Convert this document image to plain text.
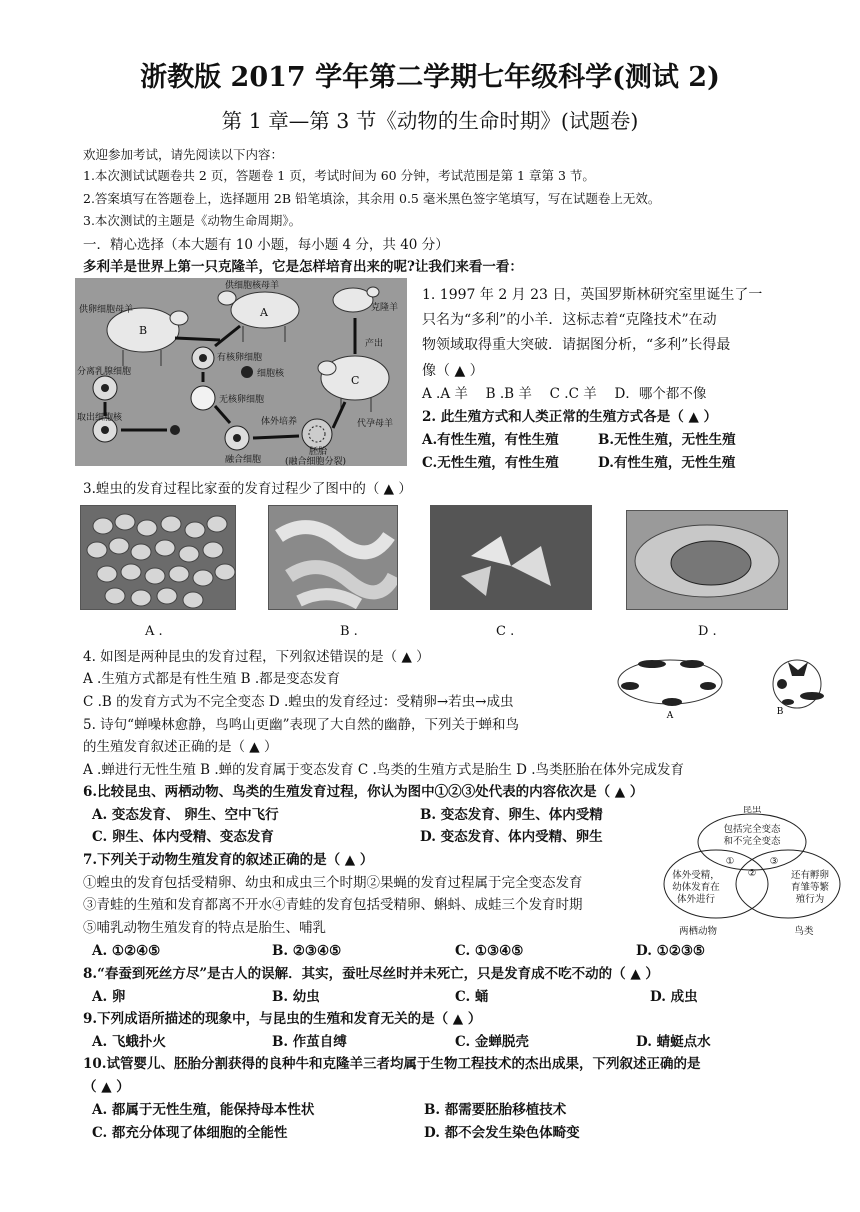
浙教版 2017 学年第二学期七年级科学(测试 2)
第 1 章—第 3 节《动物的生命时期》(试题卷)
欢迎参加考试，请先阅读以下内容：
1.本次测试试题卷共 2 页，答题卷 1 页，考试时间为 60 分钟，考试范围是第 1 章第 3 节。
2.答案填写在答题卷上，选择题用 2B 铅笔填涂，其余用 0.5 毫米黑色签字笔填写，写在试题卷上无效。
3.本次测试的主题是《动物生命周期》。
一．精心选择（本大题有 10 小题，每小题 4 分，共 40 分）
多利羊是世界上第一只克隆羊，它是怎样培育出来的呢?让我们来看一看：
供卵细胞母羊	A	克隆羊
供细胞核母羊
B
有核卵细胞
产出
分离乳腺细胞	细胞核	C
无核卵细胞
取出细胞核	体外培养	代孕母羊
融合细胞
胚胎
(融合细胞分裂)
1. 1997 年 2 月 23 日，英国罗斯林研究室里诞生了一
只名为“多利”的小羊．这标志着“克隆技术”在动
物领域取得重大突破．请据图分析，“多利”长得最
像（ ▲ ）
A .A 羊　 B .B 羊　 C .C 羊　 D．哪个都不像
2. 此生殖方式和人类正常的生殖方式各是（ ▲ ）
A.有性生殖，有性生殖	B.无性生殖，无性生殖
C.无性生殖，有性生殖	D.有性生殖，无性生殖
3.蝗虫的发育过程比家蚕的发育过程少了图中的（ ▲ ）
A .	B .	C .	D .
4. 如图是两种昆虫的发育过程，下列叙述错误的是（ ▲ ）
A .生殖方式都是有性生殖 B .都是变态发育
C .B 的发育方式为不完全变态 D .蝗虫的发育经过：受精卵→若虫→成虫
A	B
5. 诗句“蝉噪林愈静，鸟鸣山更幽”表现了大自然的幽静，下列关于蝉和鸟
的生殖发育叙述正确的是（ ▲ ）
A .蝉进行无性生殖 B .蝉的发育属于变态发育 C .鸟类的生殖方式是胎生 D .鸟类胚胎在体外完成发育
6.比较昆虫、两栖动物、鸟类的生殖发育过程，你认为图中①②③处代表的内容依次是（ ▲ ）
A. 变态发育、 卵生、空中飞行	B. 变态发育、卵生、体内受精
C. 卵生、体内受精、变态发育	D. 变态发育、体内受精、卵生
昆虫
包括完全变态
和不完全变态
体外受精，
幼体发育在
体外进行
还有孵卵
育雏等繁
殖行为
①
②
③
两栖动物	鸟类
7.下列关于动物生殖发育的叙述正确的是（ ▲ ）
①蝗虫的发育包括受精卵、幼虫和成虫三个时期②果蝇的发育过程属于完全变态发育
③青蛙的生殖和发育都离不开水④青蛙的发育包括受精卵、蝌蚪、成蛙三个发育时期
⑤哺乳动物生殖发育的特点是胎生、哺乳
A. ①②④⑤	B. ②③④⑤	C. ①③④⑤	D. ①②③⑤
8.“春蚕到死丝方尽”是古人的误解．其实，蚕吐尽丝时并未死亡，只是发育成不吃不动的（ ▲ ）
A. 卵	B. 幼虫	C. 蛹	D. 成虫
9.下列成语所描述的现象中，与昆虫的生殖和发育无关的是（ ▲ ）
A. 飞蛾扑火	B. 作茧自缚	C. 金蝉脱壳	D. 蜻蜓点水
10.试管婴儿、胚胎分割获得的良种牛和克隆羊三者均属于生物工程技术的杰出成果，下列叙述正确的是
（ ▲ ）
A. 都属于无性生殖，能保持母本性状	B. 都需要胚胎移植技术
C. 都充分体现了体细胞的全能性	D. 都不会发生染色体畸变
